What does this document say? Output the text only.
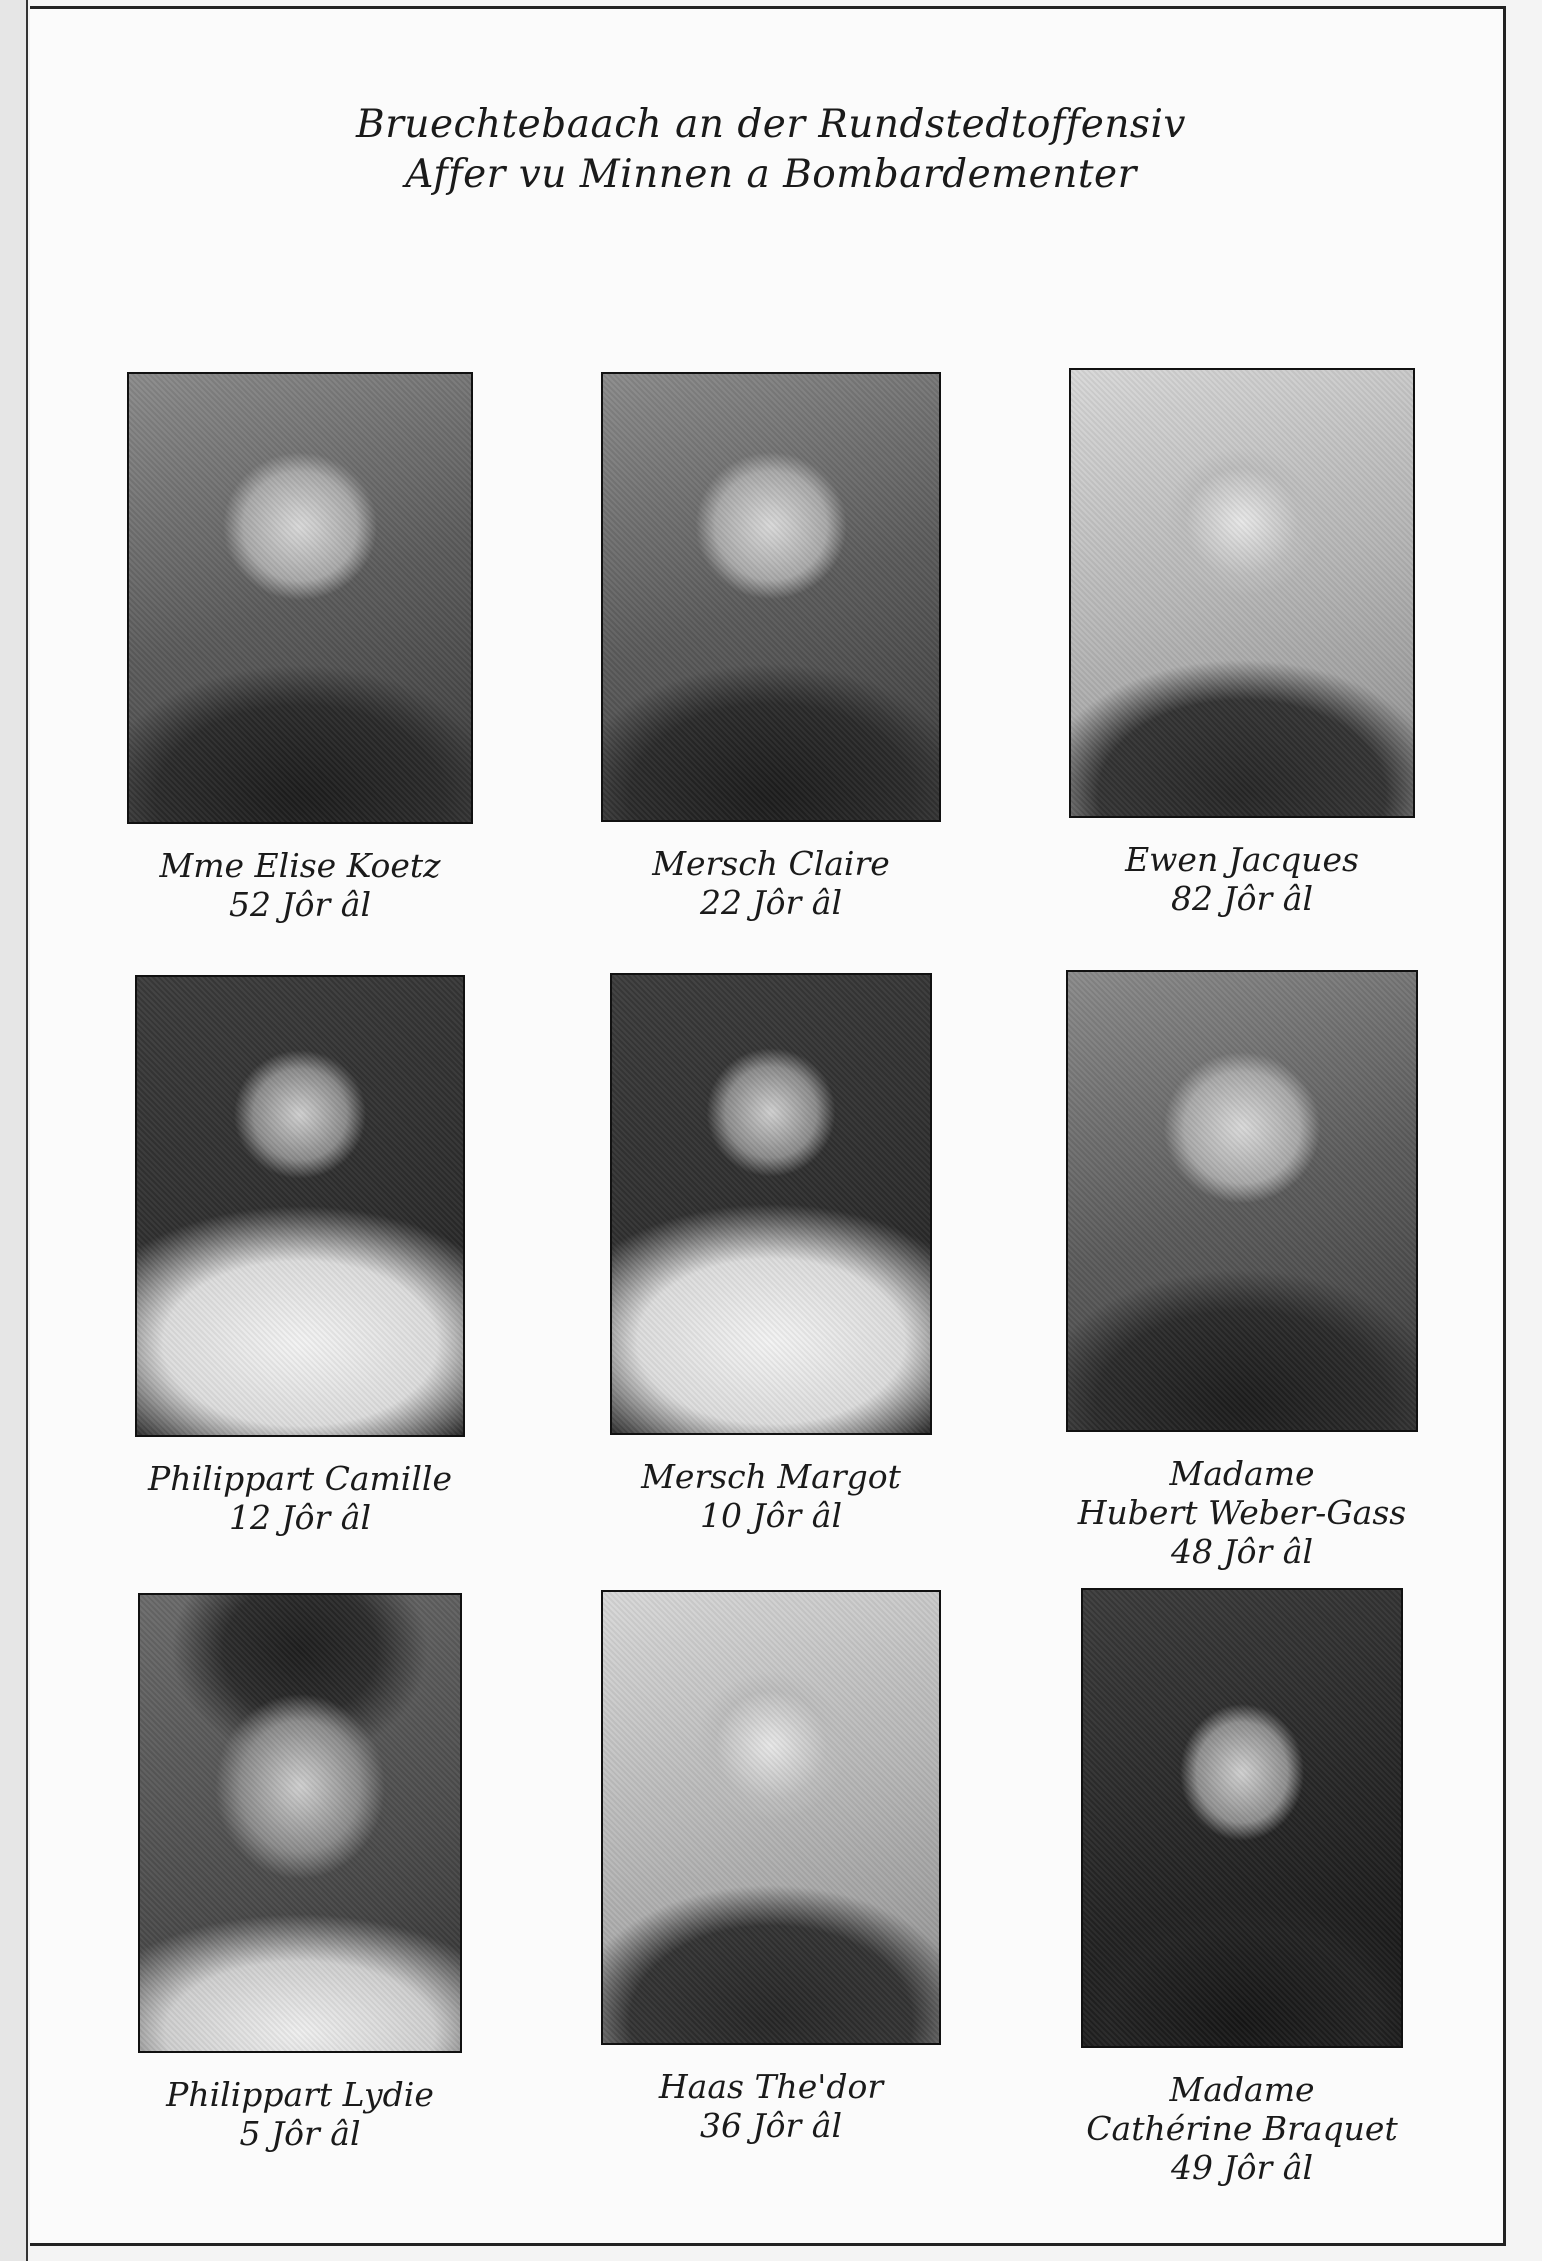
Bruechtebaach an der Rundstedtoffensiv
Affer vu Minnen a Bombardementer
Mme Elise Koetz
52 Jôr âl
Mersch Claire
22 Jôr âl
Ewen Jacques
82 Jôr âl
Philippart Camille
12 Jôr âl
Mersch Margot
10 Jôr âl
Madame
Hubert Weber-Gass
48 Jôr âl
Philippart Lydie
5 Jôr âl
Haas The'dor
36 Jôr âl
Madame
Cathérine Braquet
49 Jôr âl
